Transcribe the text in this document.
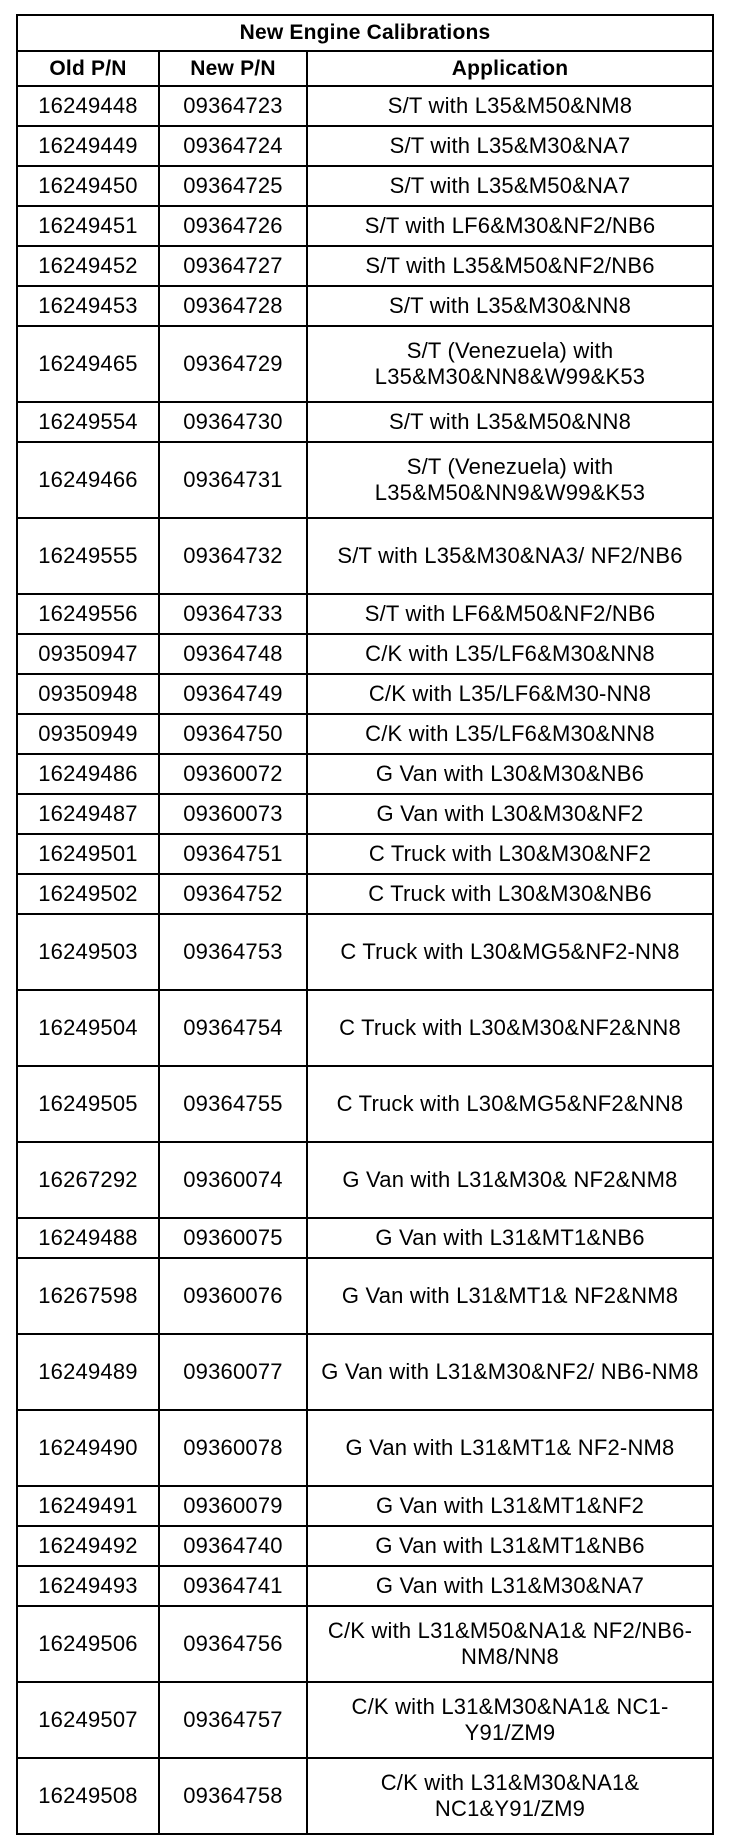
New Engine Calibrations		
Old P/N	New P/N	Application
16249448	09364723	S/T with L35&M50&NM8
16249449	09364724	S/T with L35&M30&NA7
16249450	09364725	S/T with L35&M50&NA7
16249451	09364726	S/T with LF6&M30&NF2/NB6
16249452	09364727	S/T with L35&M50&NF2/NB6
16249453	09364728	S/T with L35&M30&NN8
16249465	09364729	S/T (Venezuela) with L35&M30&NN8&W99&K53
16249554	09364730	S/T with L35&M50&NN8
16249466	09364731	S/T (Venezuela) with L35&M50&NN9&W99&K53
16249555	09364732	S/T with L35&M30&NA3/ NF2/NB6
16249556	09364733	S/T with LF6&M50&NF2/NB6
09350947	09364748	C/K with L35/LF6&M30&NN8
09350948	09364749	C/K with L35/LF6&M30-NN8
09350949	09364750	C/K with L35/LF6&M30&NN8
16249486	09360072	G Van with L30&M30&NB6
16249487	09360073	G Van with L30&M30&NF2
16249501	09364751	C Truck with L30&M30&NF2
16249502	09364752	C Truck with L30&M30&NB6
16249503	09364753	C Truck with L30&MG5&NF2-NN8
16249504	09364754	C Truck with L30&M30&NF2&NN8
16249505	09364755	C Truck with L30&MG5&NF2&NN8
16267292	09360074	G Van with L31&M30& NF2&NM8
16249488	09360075	G Van with L31&MT1&NB6
16267598	09360076	G Van with L31&MT1& NF2&NM8
16249489	09360077	G Van with L31&M30&NF2/ NB6-NM8
16249490	09360078	G Van with L31&MT1& NF2-NM8
16249491	09360079	G Van with L31&MT1&NF2
16249492	09364740	G Van with L31&MT1&NB6
16249493	09364741	G Van with L31&M30&NA7
16249506	09364756	C/K with L31&M50&NA1& NF2/NB6-NM8/NN8
16249507	09364757	C/K with L31&M30&NA1& NC1-Y91/ZM9
16249508	09364758	C/K with L31&M30&NA1& NC1&Y91/ZM9
